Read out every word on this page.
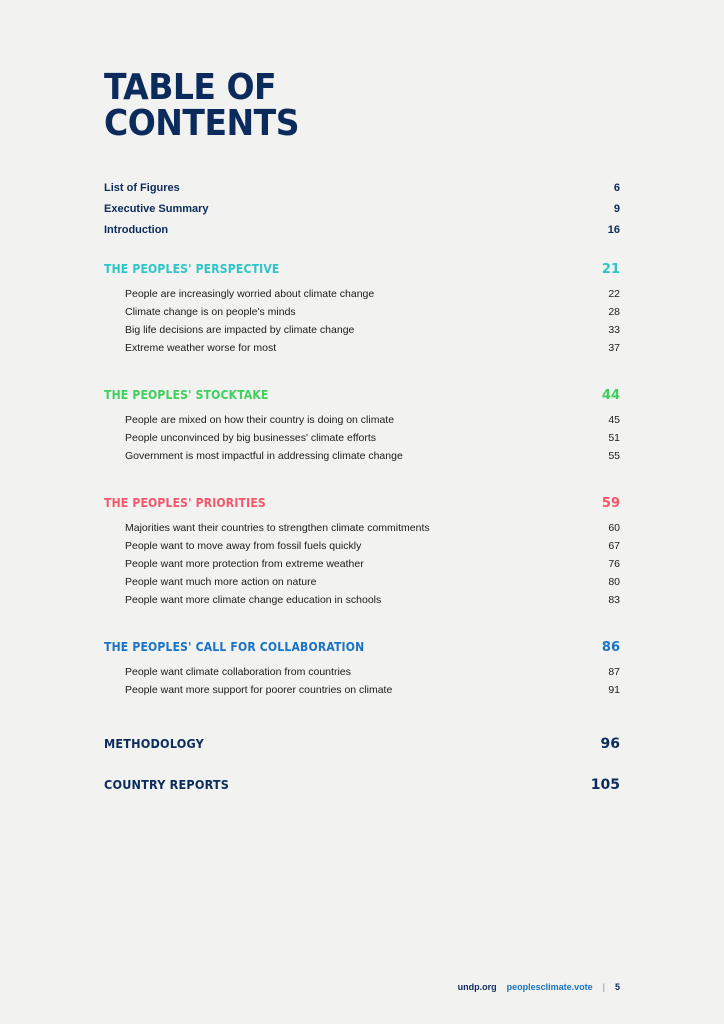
TABLE OF
CONTENTS
List of Figures	6
Executive Summary	9
Introduction	16
THE PEOPLES' PERSPECTIVE	21
People are increasingly worried about climate change	22
Climate change is on people's minds	28
Big life decisions are impacted by climate change	33
Extreme weather worse for most	37
THE PEOPLES' STOCKTAKE	44
People are mixed on how their country is doing on climate	45
People unconvinced by big businesses' climate efforts	51
Government is most impactful in addressing climate change	55
THE PEOPLES' PRIORITIES	59
Majorities want their countries to strengthen climate commitments	60
People want to move away from fossil fuels quickly	67
People want more protection from extreme weather	76
People want much more action on nature	80
People want more climate change education in schools	83
THE PEOPLES' CALL FOR COLLABORATION	86
People want climate collaboration from countries	87
People want more support for poorer countries on climate	91
METHODOLOGY	96
COUNTRY REPORTS	105
undp.org peoplesclimate.vote | 5
